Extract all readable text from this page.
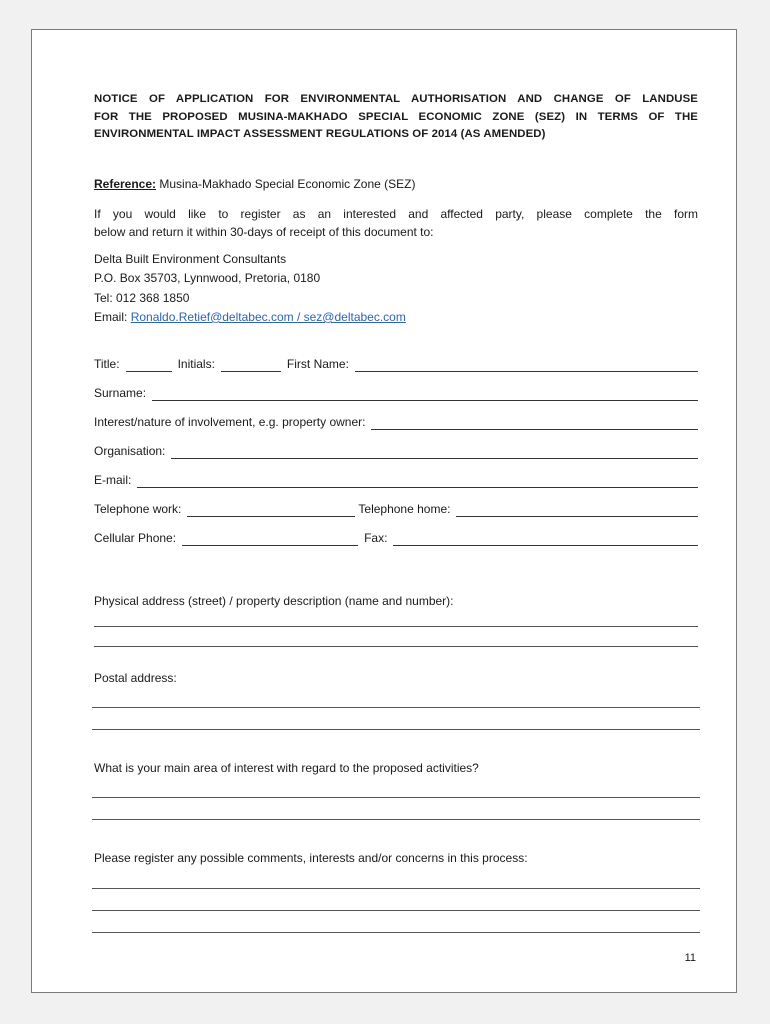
NOTICE OF APPLICATION FOR ENVIRONMENTAL AUTHORISATION AND CHANGE OF LANDUSE
FOR THE PROPOSED MUSINA-MAKHADO SPECIAL ECONOMIC ZONE (SEZ) IN TERMS OF THE
ENVIRONMENTAL IMPACT ASSESSMENT REGULATIONS OF 2014 (AS AMENDED)
Reference: Musina-Makhado Special Economic Zone (SEZ)
If you would like to register as an interested and affected party, please complete the form
below and return it within 30-days of receipt of this document to:
Delta Built Environment Consultants
P.O. Box 35703, Lynnwood, Pretoria, 0180
Tel: 012 368 1850
Email: Ronaldo.Retief@deltabec.com / sez@deltabec.com
Title:	Initials:	First Name:
Surname:
Interest/nature of involvement, e.g. property owner:
Organisation:
E-mail:
Telephone work:	Telephone home:
Cellular Phone:	Fax:
Physical address (street) / property description (name and number):
Postal address:
What is your main area of interest with regard to the proposed activities?
Please register any possible comments, interests and/or concerns in this process:
11
